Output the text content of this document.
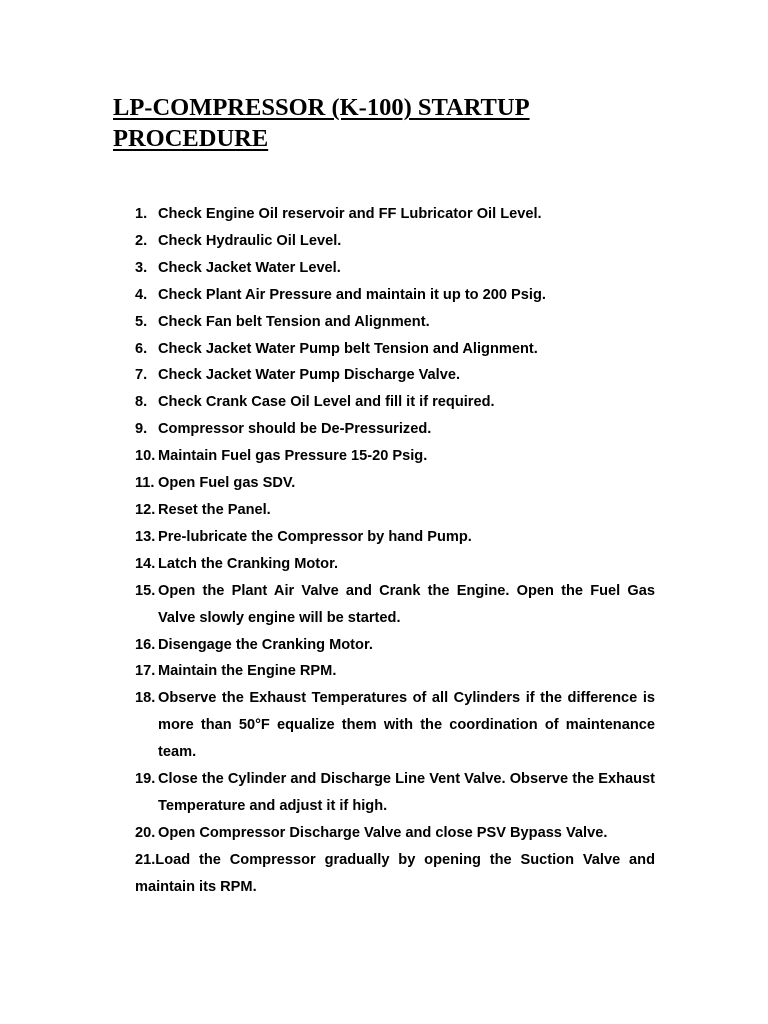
LP-COMPRESSOR (K-100) STARTUP
PROCEDURE
1. Check Engine Oil reservoir and FF Lubricator Oil Level.
2. Check Hydraulic Oil Level.
3. Check Jacket Water Level.
4. Check Plant Air Pressure and maintain it up to 200 Psig.
5. Check Fan belt Tension and Alignment.
6. Check Jacket Water Pump belt Tension and Alignment.
7. Check Jacket Water Pump Discharge Valve.
8. Check Crank Case Oil Level and fill it if required.
9. Compressor should be De-Pressurized.
10. Maintain Fuel gas Pressure 15-20 Psig.
11. Open Fuel gas SDV.
12. Reset the Panel.
13. Pre-lubricate the Compressor by hand Pump.
14. Latch the Cranking Motor.
15. Open the Plant Air Valve and Crank the Engine. Open the Fuel Gas Valve slowly engine will be started.
16. Disengage the Cranking Motor.
17. Maintain the Engine RPM.
18. Observe the Exhaust Temperatures of all Cylinders if the difference is more than 50°F equalize them with the coordination of maintenance team.
19. Close the Cylinder and Discharge Line Vent Valve. Observe the Exhaust Temperature and adjust it if high.
20. Open Compressor Discharge Valve and close PSV Bypass Valve.
21.Load the Compressor gradually by opening the Suction Valve and
maintain its RPM.
